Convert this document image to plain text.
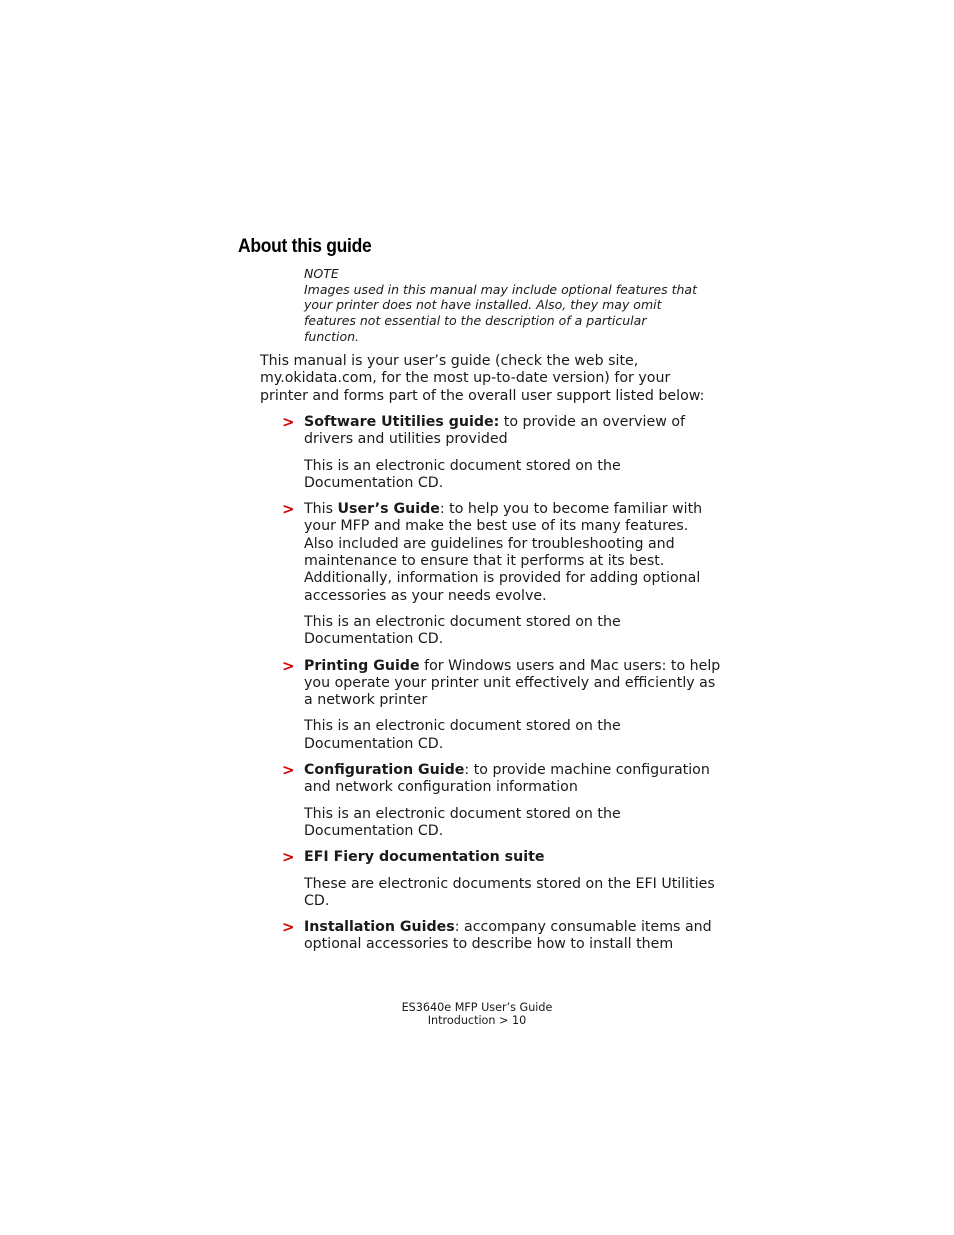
About this guide
NOTE
Images used in this manual may include optional features that your printer does not have installed. Also, they may omit features not essential to the description of a particular function.

This manual is your user’s guide (check the web site, my.okidata.com, for the most up-to-date version) for your printer and forms part of the overall user support listed below:

> Software Utitilies guide: to provide an overview of drivers and utilities provided

This is an electronic document stored on the Documentation CD.

> This User’s Guide: to help you to become familiar with your MFP and make the best use of its many features. Also included are guidelines for troubleshooting and maintenance to ensure that it performs at its best. Additionally, information is provided for adding optional accessories as your needs evolve.

This is an electronic document stored on the Documentation CD.

> Printing Guide for Windows users and Mac users: to help you operate your printer unit effectively and efficiently as a network printer

This is an electronic document stored on the Documentation CD.

> Configuration Guide: to provide machine configuration and network configuration information

This is an electronic document stored on the Documentation CD.

> EFI Fiery documentation suite

These are electronic documents stored on the EFI Utilities CD.

> Installation Guides: accompany consumable items and optional accessories to describe how to install them
ES3640e MFP User’s Guide
Introduction > 10
